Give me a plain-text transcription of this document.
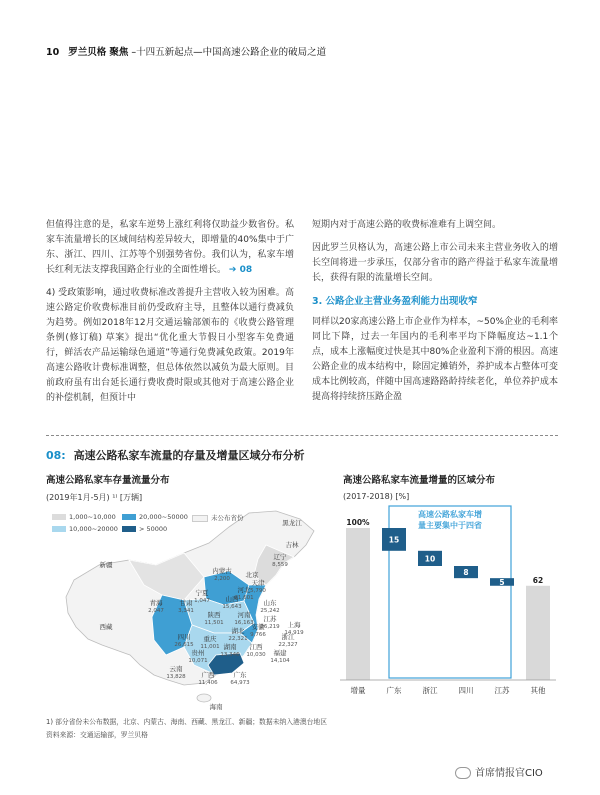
10 罗兰贝格 聚焦 –十四五新起点—中国高速公路企业的破局之道

但值得注意的是，私家车逆势上涨红利将仅助益少数省份。私家车流量增长的区域间结构差异较大，即增量的40%集中于广东、浙江、四川、江苏等个别强势省份。我们认为，私家车增长红利无法支撑我国路企行业的全面性增长。 ➔ 08

4) 受政策影响，通过收费标准改善提升主营收入较为困难。高速公路定价收费标准目前仍受政府主导，且整体以通行费减负为趋势。例如2018年12月交通运输部颁布的《收费公路管理条例(修订稿) 草案》提出“优化重大节假日小型客车免费通行，鲜活农产品运输绿色通道”等通行免费减免政策。2019年高速公路收计费标准调整，但总体依然以减负为最大原则。目前政府虽有出台延长通行费收费时限或其他对于高速公路企业的补偿机制，但预计中

短期内对于高速公路的收费标准难有上调空间。

因此罗兰贝格认为，高速公路上市公司未来主营业务收入的增长空间将进一步承压，仅部分省市的路产得益于私家车流量增长，获得有限的流量增长空间。

3. 公路企业主营业务盈利能力出现收窄

同样以20家高速公路上市企业作为样本，~50%企业的毛利率同比下降，过去一年国内的毛利率平均下降幅度达~1.1个点，成本上涨幅度过快是其中80%企业盈利下滑的根因。高速公路企业的成本结构中，除固定摊销外，养护成本占整体可变成本比例较高，伴随中国高速路路龄持续老化，单位养护成本提高将持续挤压路企盈

08: 高速公路私家车流量的存量及增量区域分布分析
高速公路私家车存量流量分布
(2019年1月-5月) ¹⁾ [万辆]
高速公路私家车流量增量的区域分布
(2017-2018) [%]
黑龙江
吉林
新疆
辽宁
8,559
内蒙古
2,200 北京
天津
5,790
河北
21,601
宁夏
1,047 山西
15,643	山东
25,242
甘肃
3,341
青海
2,047	陕西
11,501
河南
16,163 江苏
26,219
安徽
9,766
上海
14,919
湖北
22,321
西藏
四川
26,615
重庆
11,001
浙江
22,327
湖南
13,346
江西
10,030
贵州
10,071
福建
14,104
云南
13,828 广西
11,406
广东
64,973
海南
1,000~10,000	20,000~50000	未公布省份
10,000~20000	> 50000
高速公路私家车增
量主要集中于四省
100%
增量
15
广东
10
浙江
8
四川
5
江苏
62
其他
1) 部分省份未公布数据，北京、内蒙古、海南、西藏、黑龙江、新疆；数据未纳入港澳台地区
资料来源：交通运输部，罗兰贝格
首席情报官CIO
